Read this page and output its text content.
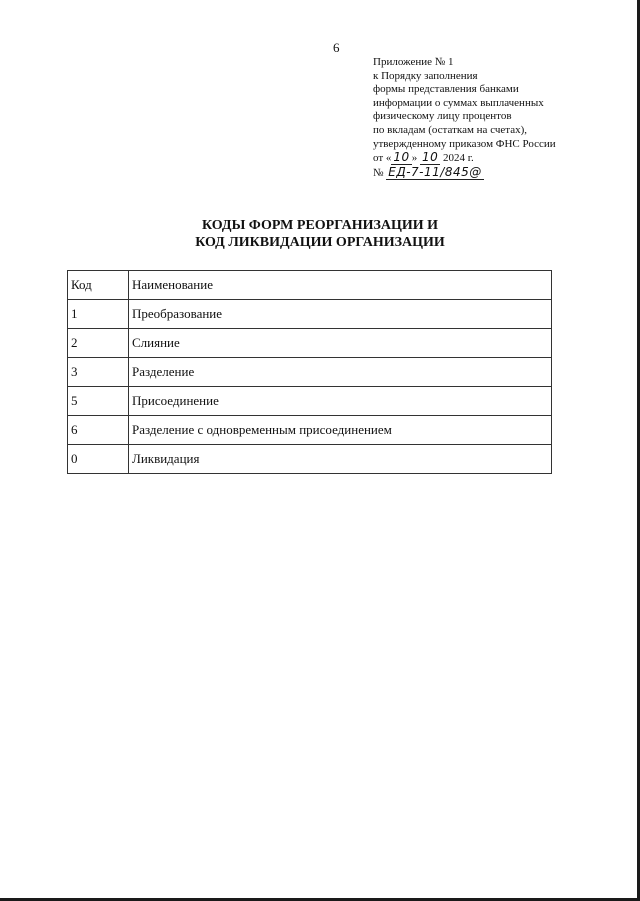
6
Приложение № 1
к Порядку заполнения
формы представления банками
информации о суммах выплаченных
физическому лицу процентов
по вкладам (остаткам на счетах),
утвержденному приказом ФНС России
от « 10 » 10 2024 г.
№ ЕД-7-11/845@
КОДЫ ФОРМ РЕОРГАНИЗАЦИИ И
КОД ЛИКВИДАЦИИ ОРГАНИЗАЦИИ
Код	Наименование
1	Преобразование
2	Слияние
3	Разделение
5	Присоединение
6	Разделение с одновременным присоединением
0	Ликвидация
